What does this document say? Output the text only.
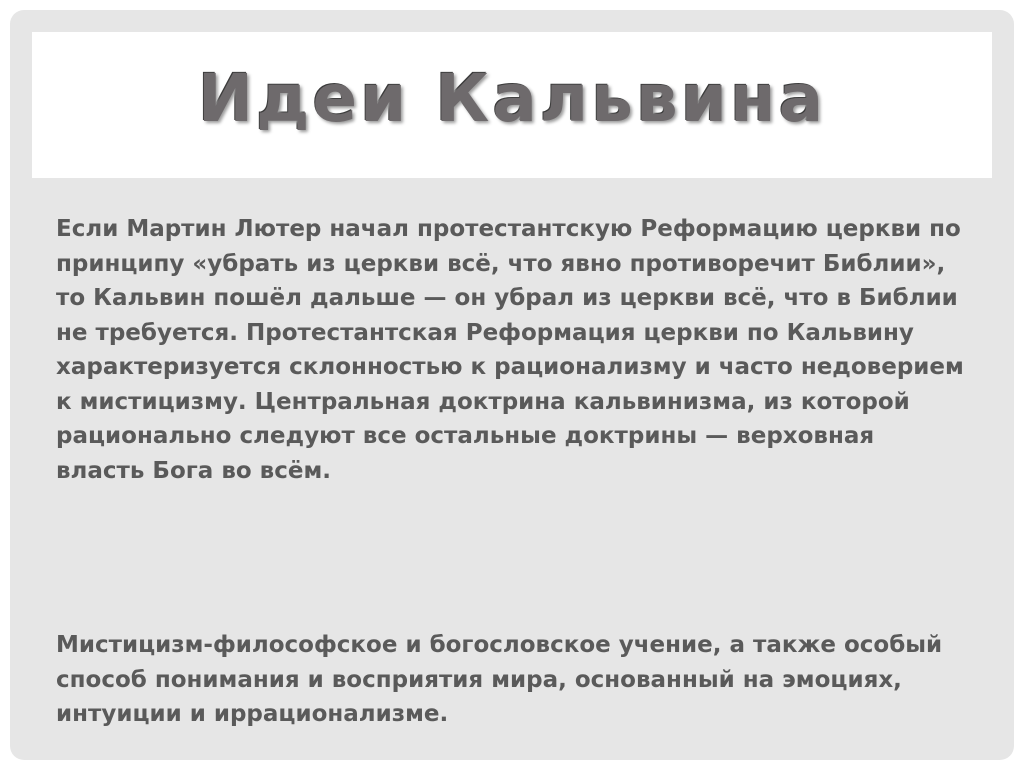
Идеи Кальвина

Если Мартин Лютер начал протестантскую Реформацию церкви по принципу «убрать из церкви всё, что явно противоречит Библии», то Кальвин пошёл дальше — он убрал из церкви всё, что в Библии не требуется. Протестантская Реформация церкви по Кальвину характеризуется склонностью к рационализму и часто недоверием к мистицизму. Центральная доктрина кальвинизма, из которой рационально следуют все остальные доктрины — верховная власть Бога во всём.

Мистицизм-философское и богословское учение, а также особый способ понимания и восприятия мира, основанный на эмоциях, интуиции и иррационализме.
